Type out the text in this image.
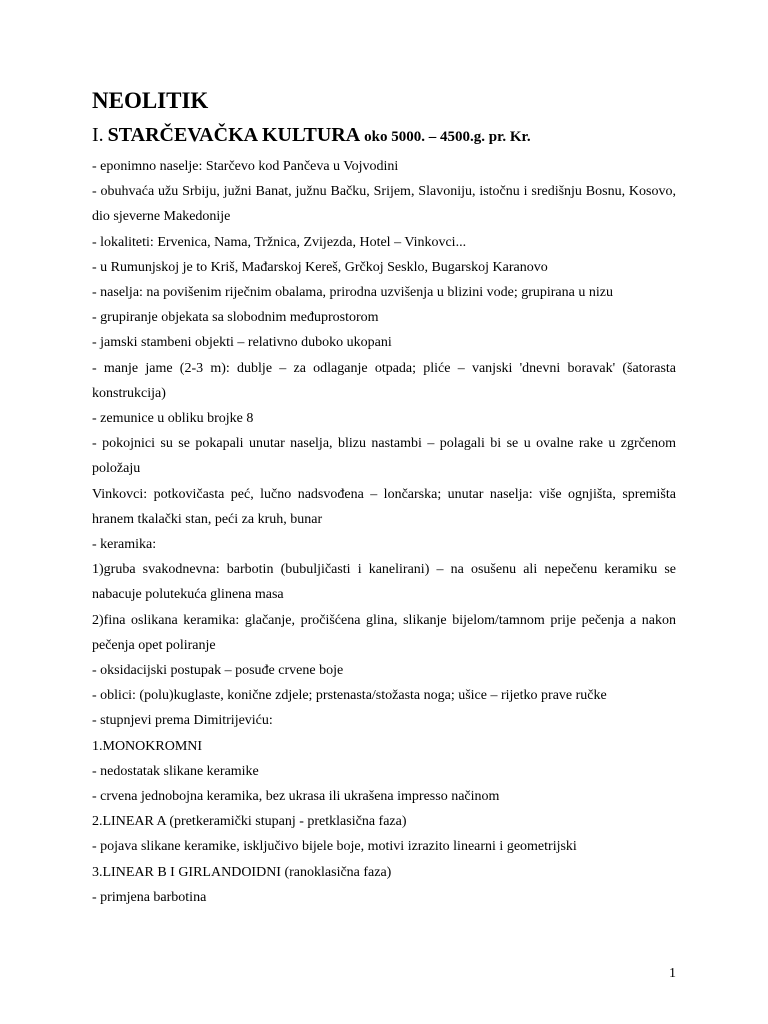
NEOLITIK
I. STARČEVAČKA KULTURA oko 5000. – 4500.g. pr. Kr.
- eponimno naselje: Starčevo kod Pančeva u Vojvodini
- obuhvaća užu Srbiju, južni Banat, južnu Bačku, Srijem, Slavoniju, istočnu i središnju Bosnu, Kosovo, dio sjeverne Makedonije
- lokaliteti: Ervenica, Nama, Tržnica, Zvijezda, Hotel – Vinkovci...
- u Rumunjskoj je to Kriš, Mađarskoj Kereš, Grčkoj Sesklo, Bugarskoj Karanovo
- naselja: na povišenim riječnim obalama, prirodna uzvišenja u blizini vode; grupirana u nizu
- grupiranje objekata sa slobodnim međuprostorom
- jamski stambeni objekti – relativno duboko ukopani
- manje jame (2-3 m): dublje – za odlaganje otpada; pliće – vanjski 'dnevni boravak' (šatorasta konstrukcija)
- zemunice u obliku brojke 8
- pokojnici su se pokapali unutar naselja, blizu nastambi – polagali bi se u ovalne rake u zgrčenom položaju
Vinkovci: potkovičasta peć, lučno nadsvođena – lončarska; unutar naselja: više ognjišta, spremišta hranem tkalački stan, peći za kruh, bunar
- keramika:
1)gruba svakodnevna: barbotin (bubuljičasti i kanelirani) – na osušenu ali nepečenu keramiku se nabacuje polutekuća glinena masa
2)fina oslikana keramika: glačanje, pročišćena glina, slikanje bijelom/tamnom prije pečenja a nakon pečenja opet poliranje
- oksidacijski postupak – posuđe crvene boje
- oblici: (polu)kuglaste, konične zdjele; prstenasta/stožasta noga; ušice – rijetko prave ručke
- stupnjevi prema Dimitrijeviću:
1.MONOKROMNI
- nedostatak slikane keramike
- crvena jednobojna keramika, bez ukrasa ili ukrašena impresso načinom
2.LINEAR A (pretkeramički stupanj - pretklasična faza)
- pojava slikane keramike, isključivo bijele boje, motivi izrazito linearni i geometrijski
3.LINEAR B I GIRLANDOIDNI (ranoklasična faza)
- primjena barbotina
1
